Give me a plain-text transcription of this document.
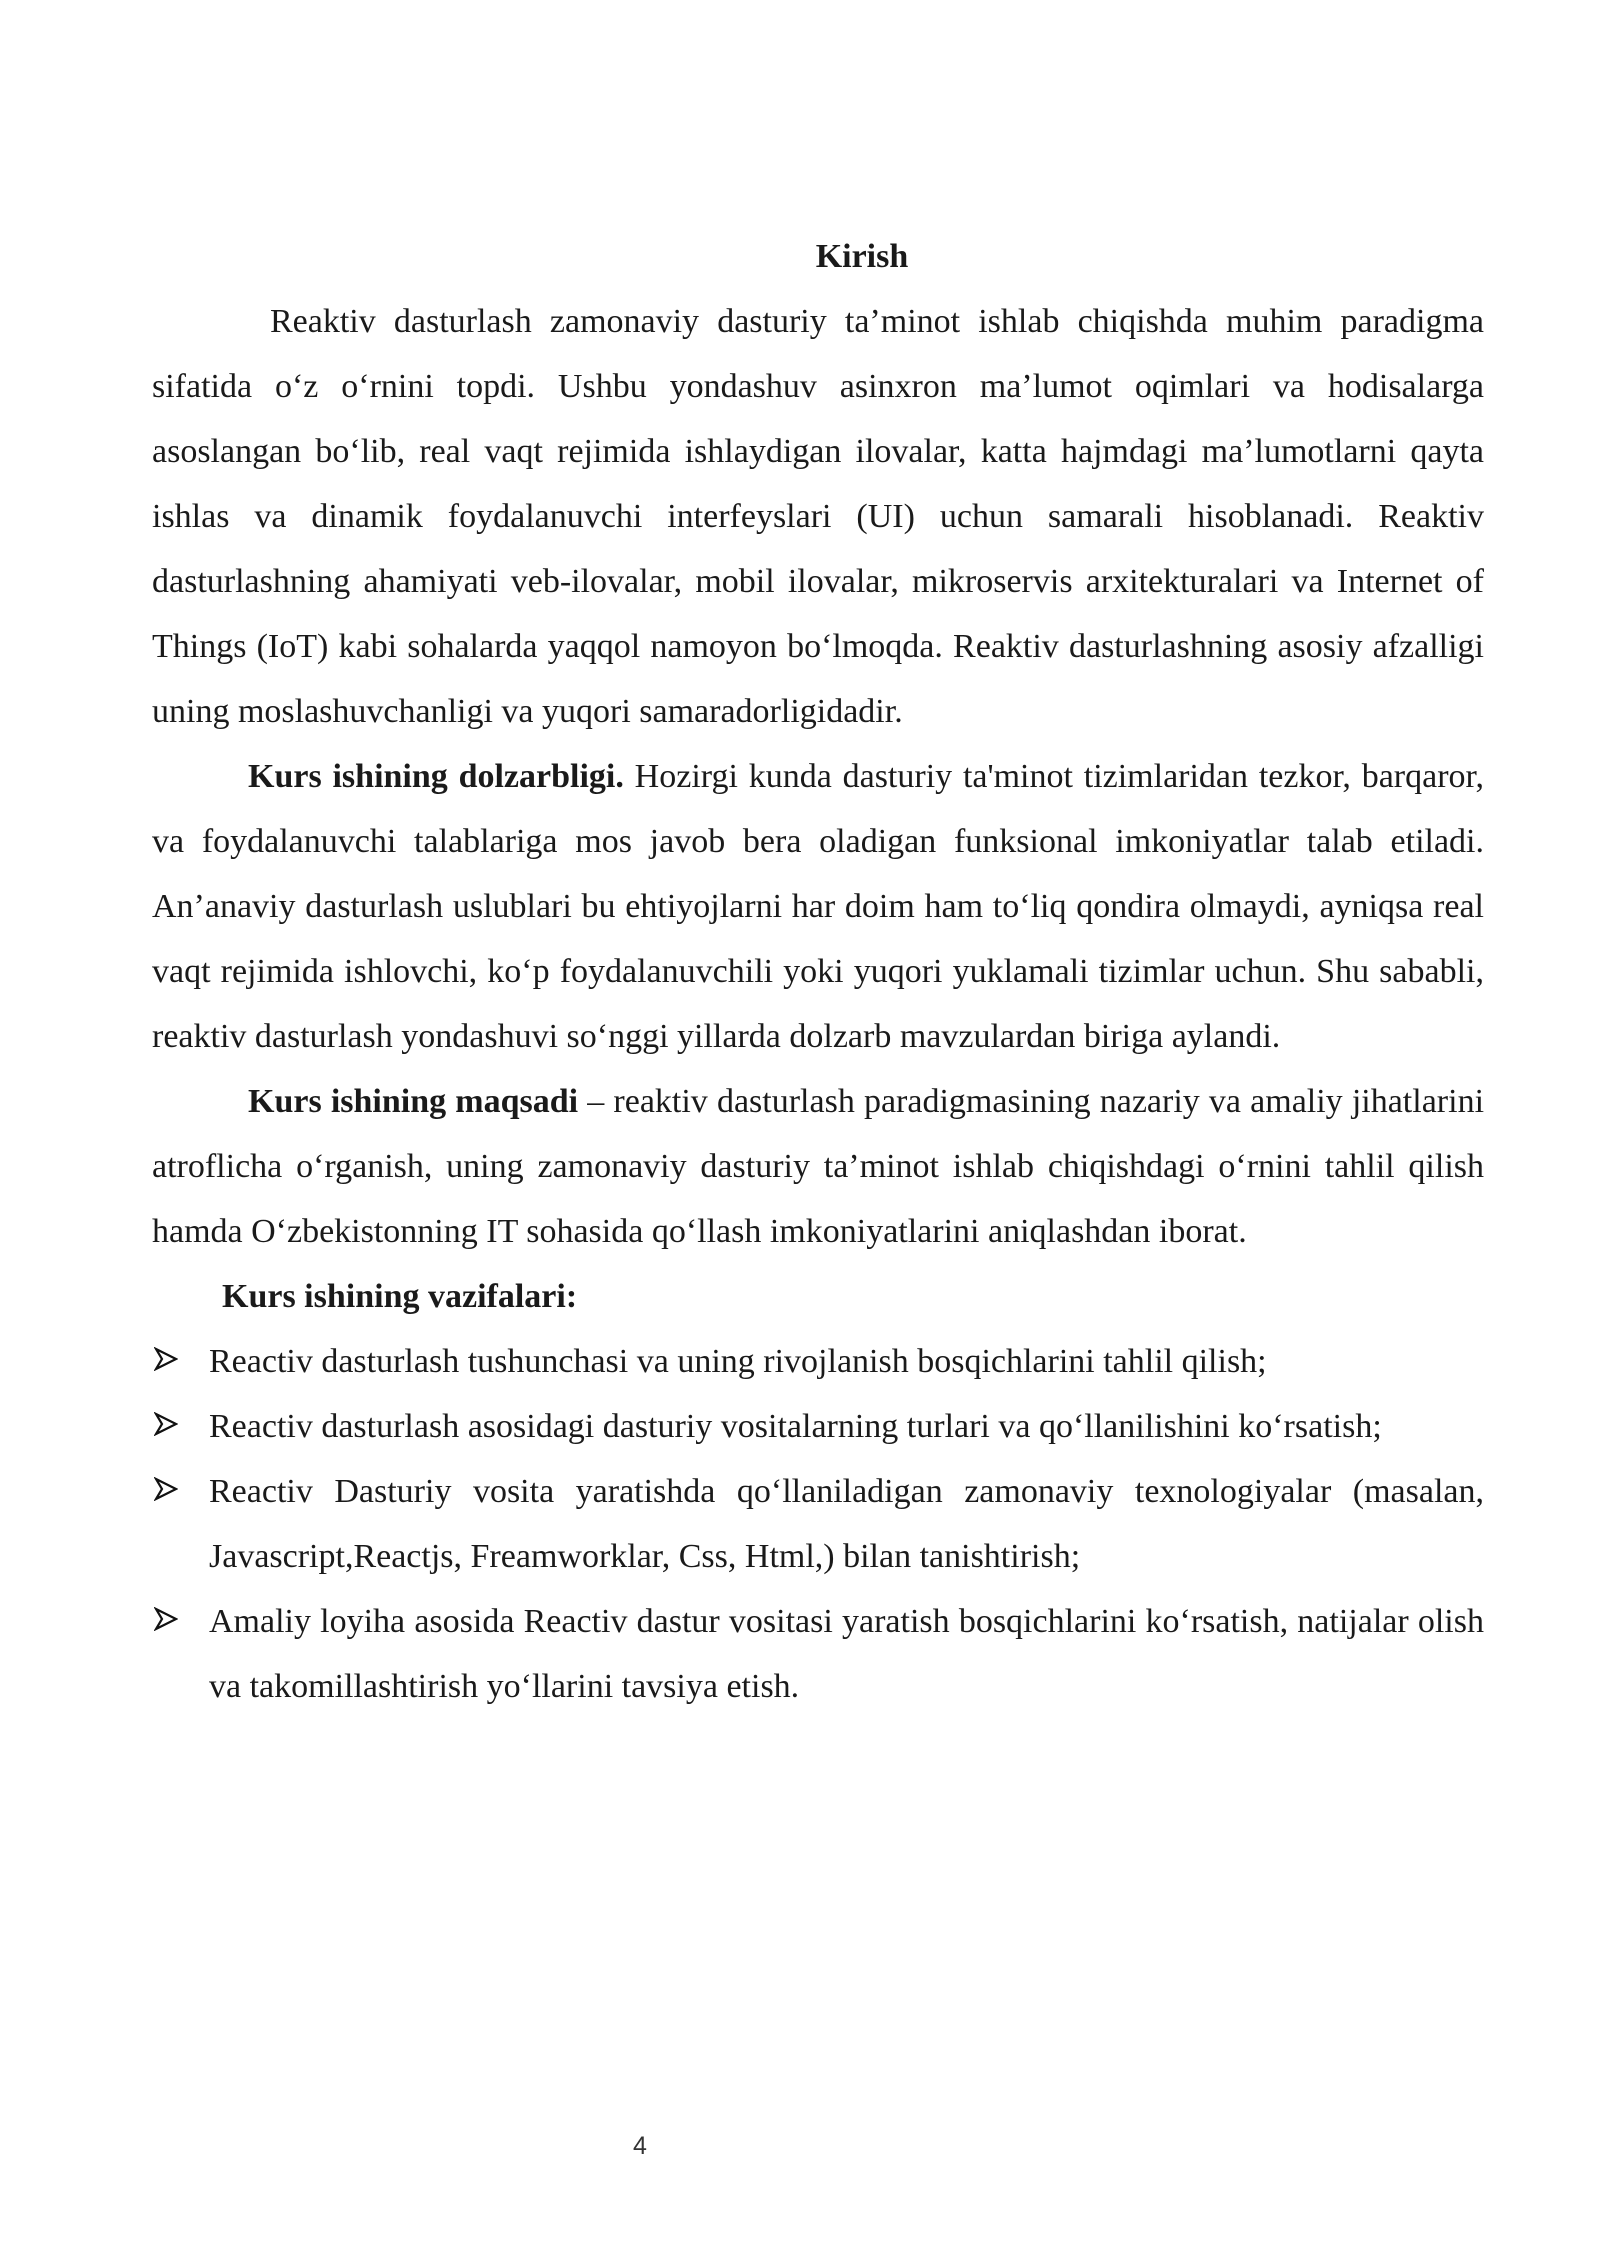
Kirish

Reaktiv dasturlash zamonaviy dasturiy ta’minot ishlab chiqishda muhim paradigma sifatida o‘z o‘rnini topdi. Ushbu yondashuv asinxron ma’lumot oqimlari va hodisalarga asoslangan bo‘lib, real vaqt rejimida ishlaydigan ilovalar, katta hajmdagi ma’lumotlarni qayta ishlas va dinamik foydalanuvchi interfeyslari (UI) uchun samarali hisoblanadi. Reaktiv dasturlashning ahamiyati veb-ilovalar, mobil ilovalar, mikroservis arxitekturalari va Internet of Things (IoT) kabi sohalarda yaqqol namoyon bo‘lmoqda. Reaktiv dasturlashning asosiy afzalligi uning moslashuvchanligi va yuqori samaradorligidadir.

Kurs ishining dolzarbligi. Hozirgi kunda dasturiy ta'minot tizimlaridan tezkor, barqaror, va foydalanuvchi talablariga mos javob bera oladigan funksional imkoniyatlar talab etiladi. An’anaviy dasturlash uslublari bu ehtiyojlarni har doim ham to‘liq qondira olmaydi, ayniqsa real vaqt rejimida ishlovchi, ko‘p foydalanuvchili yoki yuqori yuklamali tizimlar uchun. Shu sababli, reaktiv dasturlash yondashuvi so‘nggi yillarda dolzarb mavzulardan biriga aylandi.

Kurs ishining maqsadi – reaktiv dasturlash paradigmasining nazariy va amaliy jihatlarini atroflicha o‘rganish, uning zamonaviy dasturiy ta’minot ishlab chiqishdagi o‘rnini tahlil qilish hamda O‘zbekistonning IT sohasida qo‘llash imkoniyatlarini aniqlashdan iborat.

Kurs ishining vazifalari:

Reactiv dasturlash tushunchasi va uning rivojlanish bosqichlarini tahlil qilish;
Reactiv dasturlash asosidagi dasturiy vositalarning turlari va qo‘llanilishini ko‘rsatish;
Reactiv Dasturiy vosita yaratishda qo‘llaniladigan zamonaviy texnologiyalar (masalan, Javascript,Reactjs, Freamworklar, Css, Html,) bilan tanishtirish;
Amaliy loyiha asosida Reactiv dastur vositasi yaratish bosqichlarini ko‘rsatish, natijalar olish va takomillashtirish yo‘llarini tavsiya etish.
4
